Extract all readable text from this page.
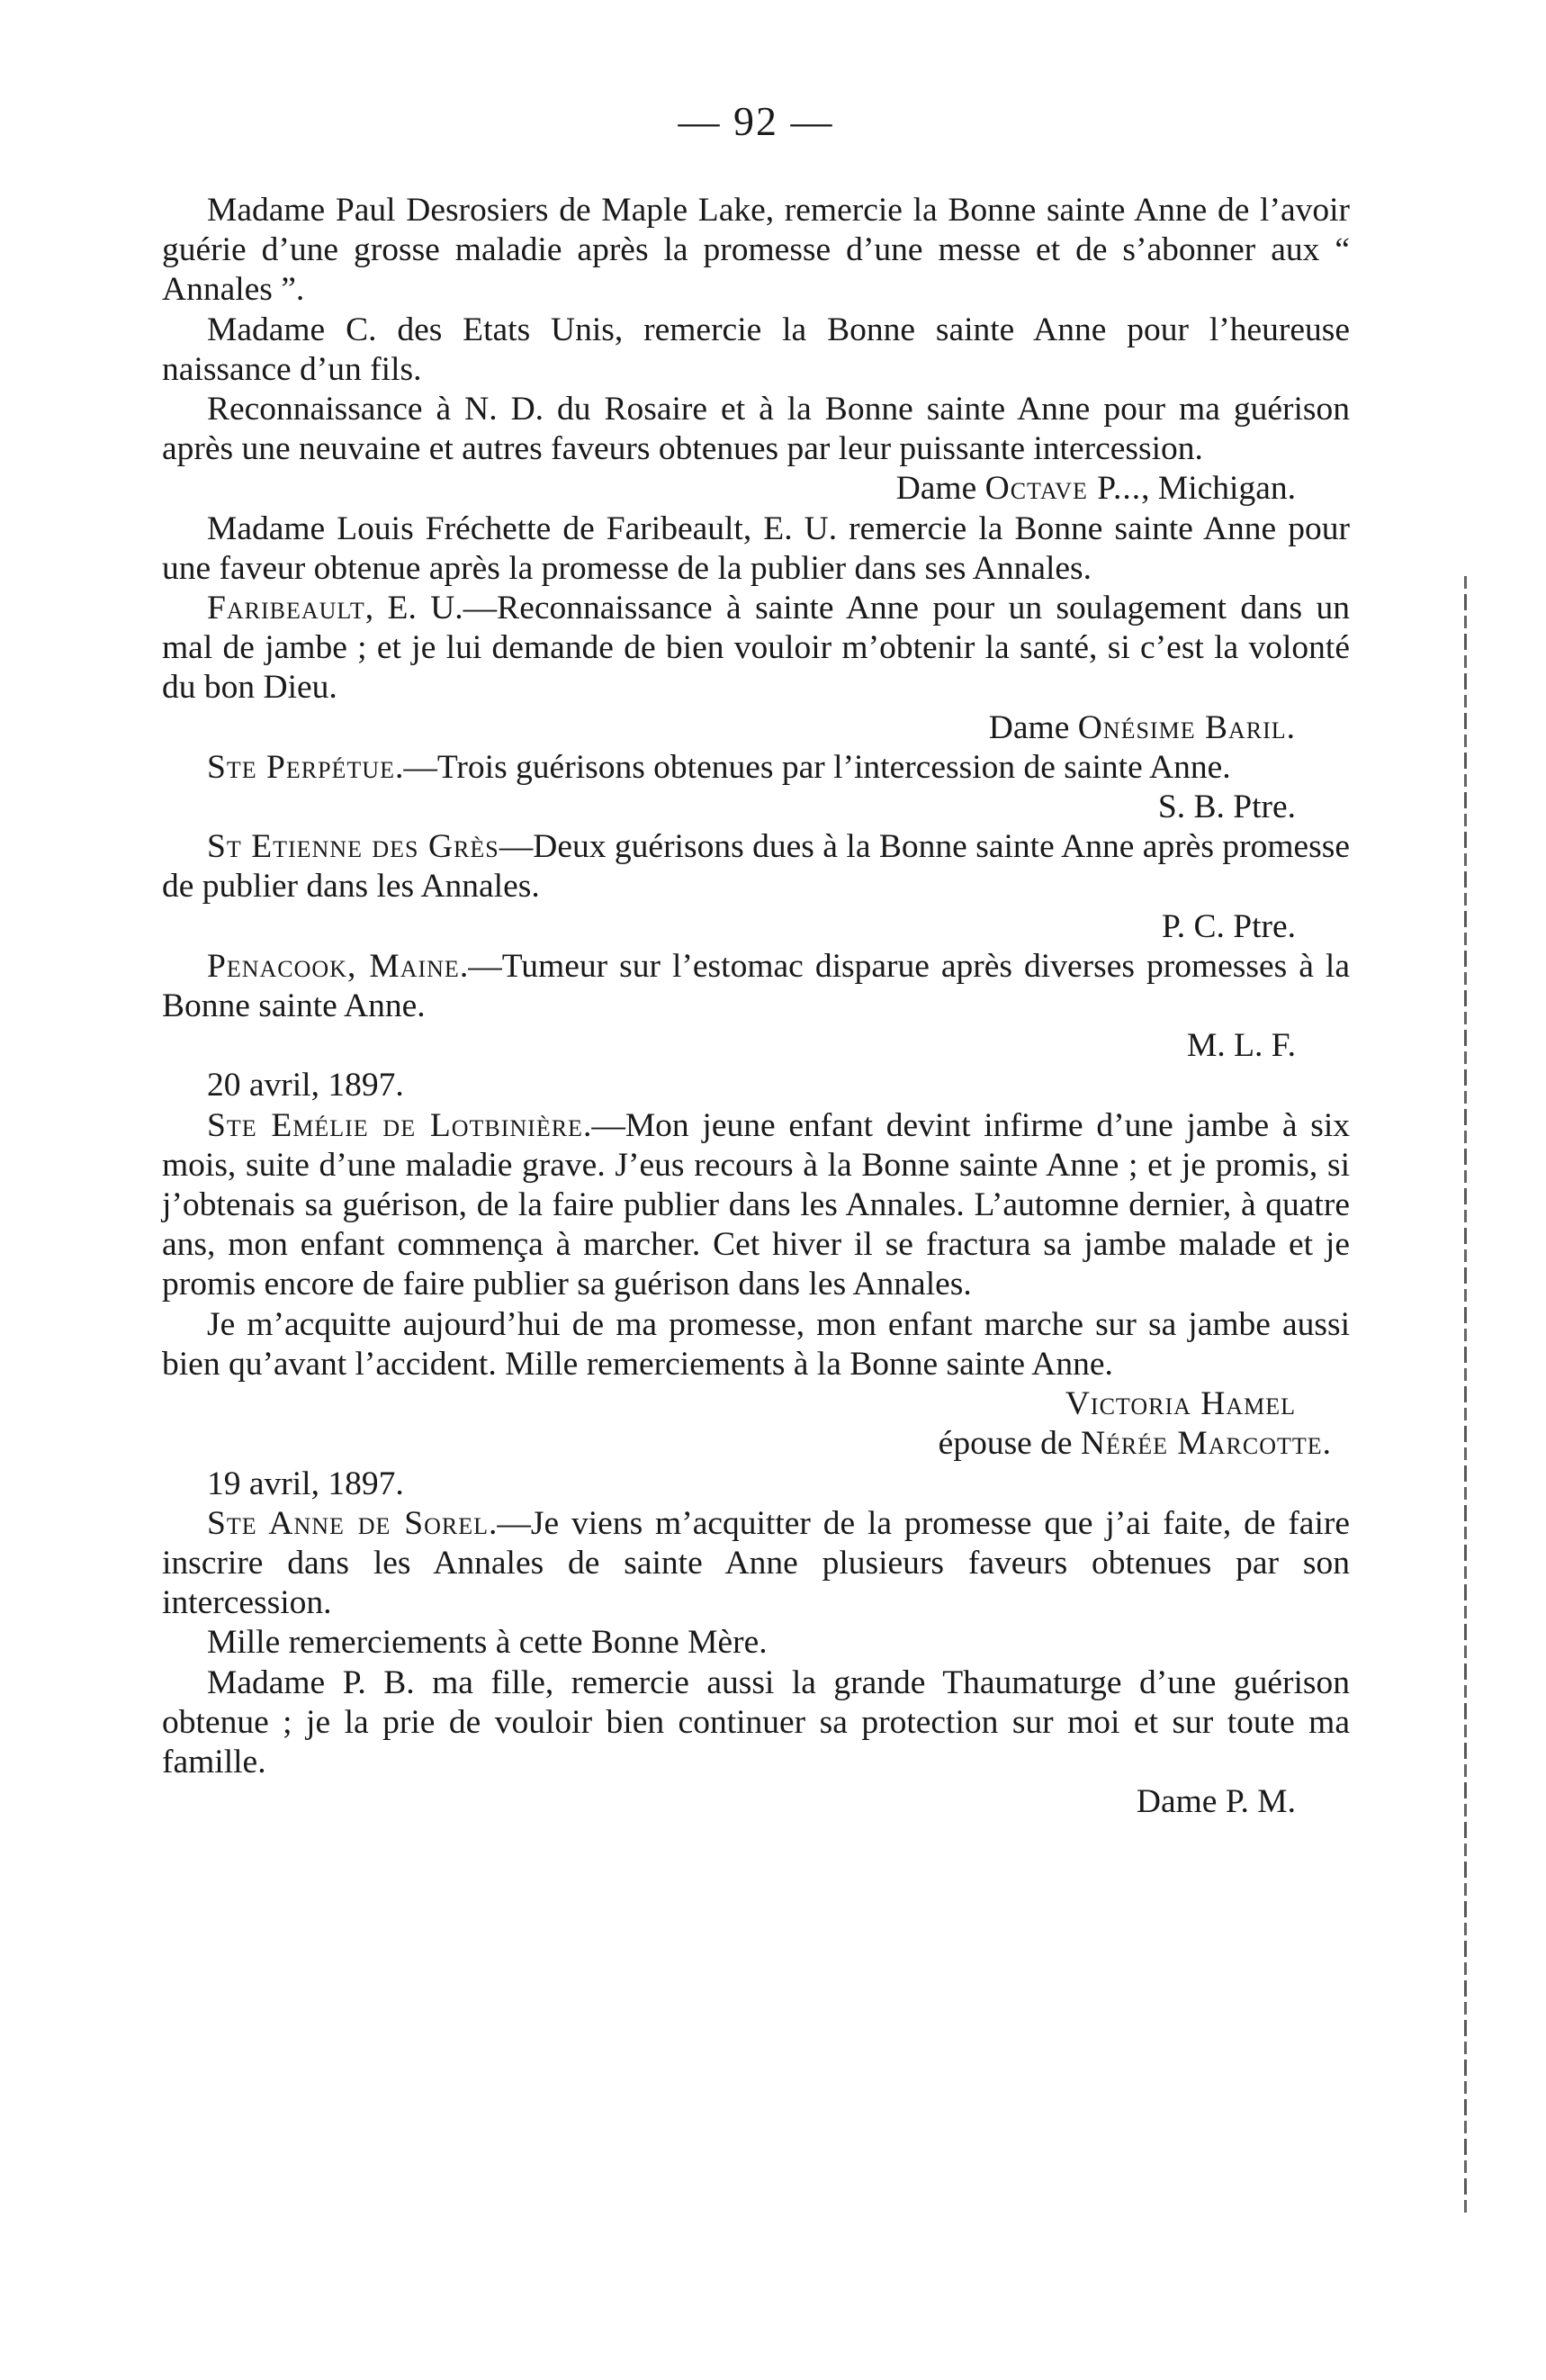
— 92 —

Madame Paul Desrosiers de Maple Lake, remercie la Bonne sainte Anne de l’avoir guérie d’une grosse maladie après la promesse d’une messe et de s’abonner aux “ Annales ”.

Madame C. des Etats Unis, remercie la Bonne sainte Anne pour l’heureuse naissance d’un fils.

Reconnaissance à N. D. du Rosaire et à la Bonne sainte Anne pour ma guérison après une neuvaine et autres faveurs obtenues par leur puissante intercession.

Dame Octave P..., Michigan.

Madame Louis Fréchette de Faribeault, E. U. remercie la Bonne sainte Anne pour une faveur obtenue après la promesse de la publier dans ses Annales.

Faribeault, E. U.—Reconnaissance à sainte Anne pour un soulagement dans un mal de jambe ; et je lui demande de bien vouloir m’obtenir la santé, si c’est la volonté du bon Dieu.

Dame Onésime Baril.

Ste Perpétue.—Trois guérisons obtenues par l’intercession de sainte Anne.

S. B. Ptre.

St Etienne des Grès—Deux guérisons dues à la Bonne sainte Anne après promesse de publier dans les Annales.

P. C. Ptre.

Penacook, Maine.—Tumeur sur l’estomac disparue après diverses promesses à la Bonne sainte Anne.

M. L. F.

20 avril, 1897.

Ste Emélie de Lotbinière.—Mon jeune enfant devint infirme d’une jambe à six mois, suite d’une maladie grave. J’eus recours à la Bonne sainte Anne ; et je promis, si j’obtenais sa guérison, de la faire publier dans les Annales. L’automne dernier, à quatre ans, mon enfant commença à marcher. Cet hiver il se fractura sa jambe malade et je promis encore de faire publier sa guérison dans les Annales.

Je m’acquitte aujourd’hui de ma promesse, mon enfant marche sur sa jambe aussi bien qu’avant l’accident. Mille remerciements à la Bonne sainte Anne.

Victoria Hamel

épouse de Nérée Marcotte.

19 avril, 1897.

Ste Anne de Sorel.—Je viens m’acquitter de la promesse que j’ai faite, de faire inscrire dans les Annales de sainte Anne plusieurs faveurs obtenues par son intercession.

Mille remerciements à cette Bonne Mère.

Madame P. B. ma fille, remercie aussi la grande Thaumaturge d’une guérison obtenue ; je la prie de vouloir bien continuer sa protection sur moi et sur toute ma famille.

Dame P. M.
